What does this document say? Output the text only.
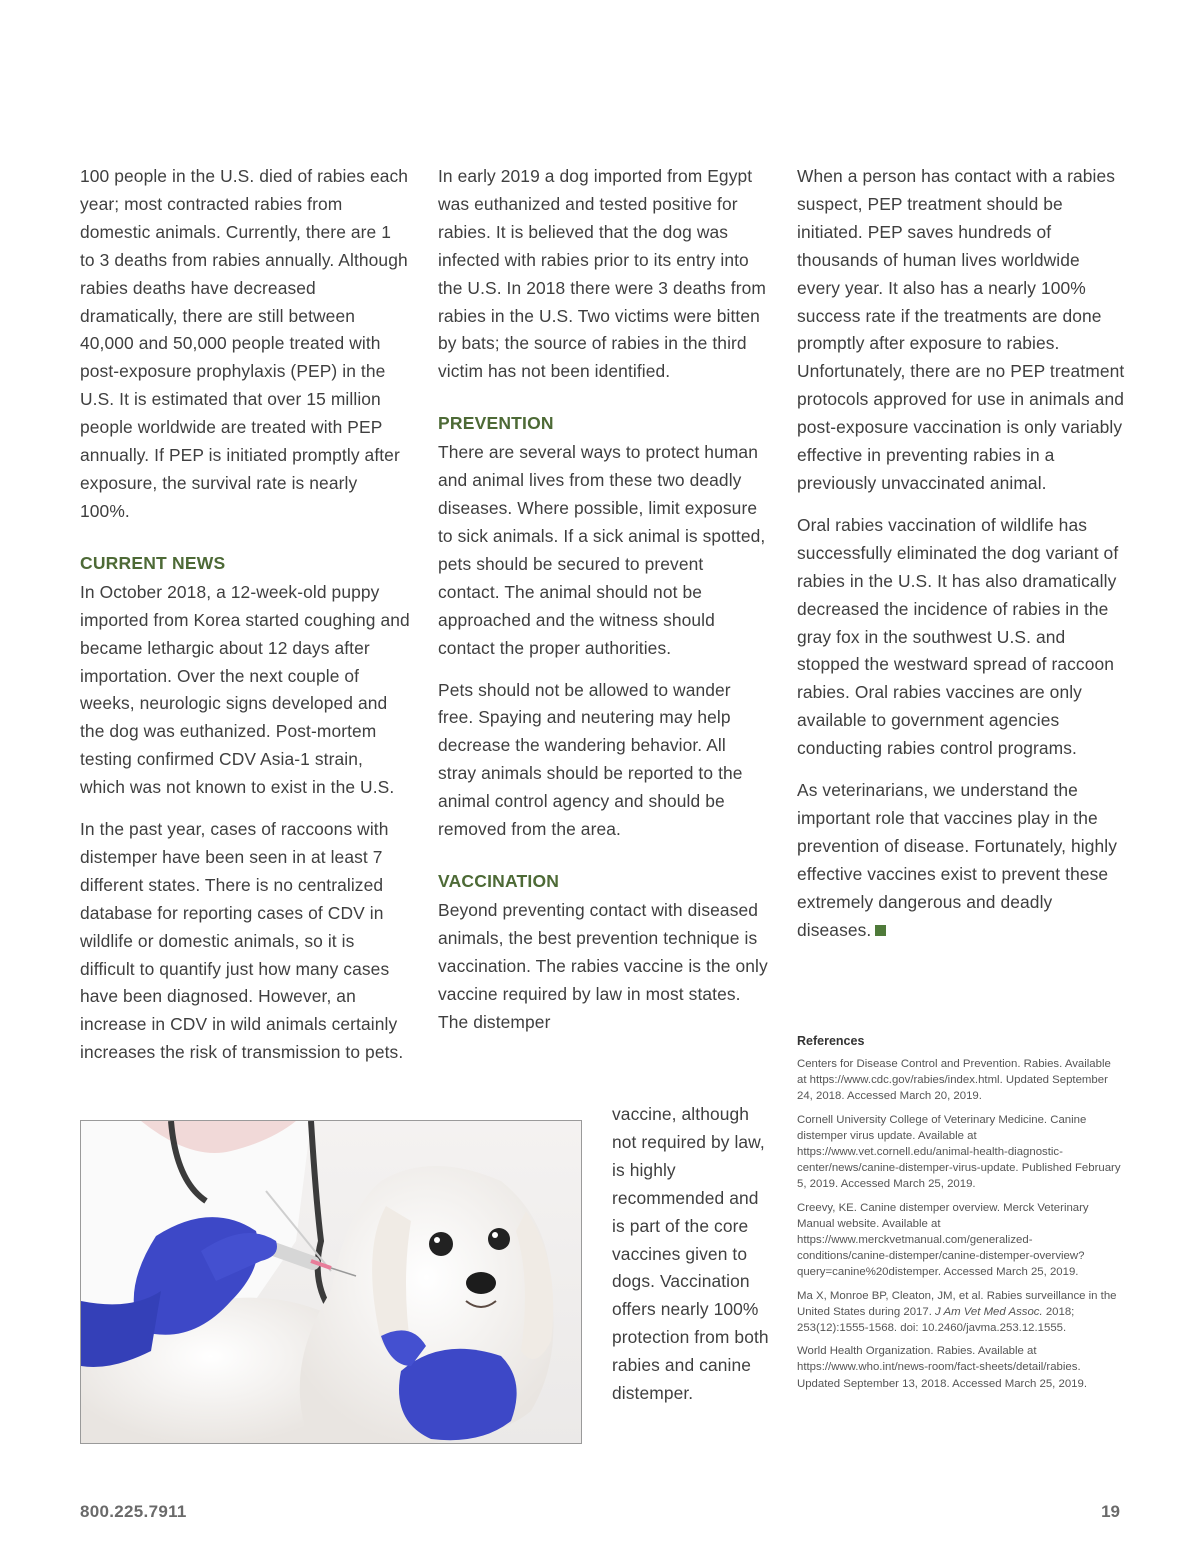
100 people in the U.S. died of rabies each year; most contracted rabies from domestic animals. Currently, there are 1 to 3 deaths from rabies annually. Although rabies deaths have decreased dramatically, there are still between 40,000 and 50,000 people treated with post-exposure prophylaxis (PEP) in the U.S. It is estimated that over 15 million people worldwide are treated with PEP annually. If PEP is initiated promptly after exposure, the survival rate is nearly 100%.

CURRENT NEWS

In October 2018, a 12-week-old puppy imported from Korea started coughing and became lethargic about 12 days after importation. Over the next couple of weeks, neurologic signs developed and the dog was euthanized. Post-mortem testing confirmed CDV Asia-1 strain, which was not known to exist in the U.S.

In the past year, cases of raccoons with distemper have been seen in at least 7 different states. There is no centralized database for reporting cases of CDV in wildlife or domestic animals, so it is difficult to quantify just how many cases have been diagnosed. However, an increase in CDV in wild animals certainly increases the risk of transmission to pets.

In early 2019 a dog imported from Egypt was euthanized and tested positive for rabies. It is believed that the dog was infected with rabies prior to its entry into the U.S. In 2018 there were 3 deaths from rabies in the U.S. Two victims were bitten by bats; the source of rabies in the third victim has not been identified.

PREVENTION

There are several ways to protect human and animal lives from these two deadly diseases. Where possible, limit exposure to sick animals. If a sick animal is spotted, pets should be secured to prevent contact. The animal should not be approached and the witness should contact the proper authorities.

Pets should not be allowed to wander free. Spaying and neutering may help decrease the wandering behavior. All stray animals should be reported to the animal control agency and should be removed from the area.

VACCINATION

Beyond preventing contact with diseased animals, the best prevention technique is vaccination. The rabies vaccine is the only vaccine required by law in most states. The distemper

vaccine, although not required by law, is highly recommended and is part of the core vaccines given to dogs. Vaccination offers nearly 100% protection from both rabies and canine distemper.

When a person has contact with a rabies suspect, PEP treatment should be initiated. PEP saves hundreds of thousands of human lives worldwide every year. It also has a nearly 100% success rate if the treatments are done promptly after exposure to rabies. Unfortunately, there are no PEP treatment protocols approved for use in animals and post-exposure vaccination is only variably effective in preventing rabies in a previously unvaccinated animal.

Oral rabies vaccination of wildlife has successfully eliminated the dog variant of rabies in the U.S. It has also dramatically decreased the incidence of rabies in the gray fox in the southwest U.S. and stopped the westward spread of raccoon rabies. Oral rabies vaccines are only available to government agencies conducting rabies control programs.

As veterinarians, we understand the important role that vaccines play in the prevention of disease. Fortunately, highly effective vaccines exist to prevent these extremely dangerous and deadly diseases.

References

Centers for Disease Control and Prevention. Rabies. Available at https://www.cdc.gov/rabies/index.html. Updated September 24, 2018. Accessed March 20, 2019.

Cornell University College of Veterinary Medicine. Canine distemper virus update. Available at https://www.vet.cornell.edu/animal-health-diagnostic-center/news/canine-distemper-virus-update. Published February 5, 2019. Accessed March 25, 2019.

Creevy, KE. Canine distemper overview. Merck Veterinary Manual website. Available at https://www.merckvetmanual.com/generalized-conditions/canine-distemper/canine-distemper-overview?query=canine%20distemper. Accessed March 25, 2019.

Ma X, Monroe BP, Cleaton, JM, et al. Rabies surveillance in the United States during 2017. J Am Vet Med Assoc. 2018; 253(12):1555-1568. doi: 10.2460/javma.253.12.1555.

World Health Organization. Rabies. Available at https://www.who.int/news-room/fact-sheets/detail/rabies. Updated September 13, 2018. Accessed March 25, 2019.

800.225.7911	19
